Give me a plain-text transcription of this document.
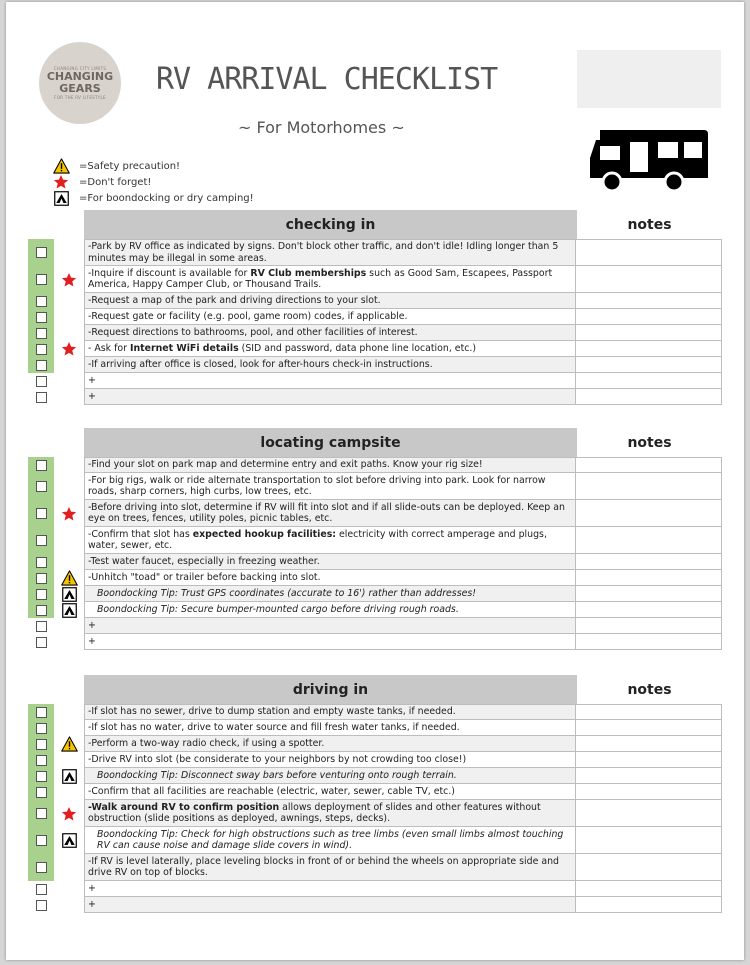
CHANGING CITY LIMITS
CHANGING
GEARS
FOR THE RV LIFESTYLE
RV ARRIVAL CHECKLIST
~ For Motorhomes ~
=Safety precaution!
=Don't forget!
=For boondocking or dry camping!
checking in	notes
-Park by RV office as indicated by signs. Don't block other traffic, and don't idle! Idling longer than 5 minutes may be illegal in some areas.
-Inquire if discount is available for RV Club memberships such as Good Sam, Escapees, Passport America, Happy Camper Club, or Thousand Trails.
-Request a map of the park and driving directions to your slot.
-Request gate or facility (e.g. pool, game room) codes, if applicable.
-Request directions to bathrooms, pool, and other facilities of interest.
- Ask for Internet WiFi details (SID and password, data phone line location, etc.)
-If arriving after office is closed, look for after-hours check-in instructions.
+
+
locating campsite	notes
-Find your slot on park map and determine entry and exit paths. Know your rig size!
-For big rigs, walk or ride alternate transportation to slot before driving into park. Look for narrow roads, sharp corners, high curbs, low trees, etc.
-Before driving into slot, determine if RV will fit into slot and if all slide-outs can be deployed. Keep an eye on trees, fences, utility poles, picnic tables, etc.
-Confirm that slot has expected hookup facilities: electricity with correct amperage and plugs, water, sewer, etc.
-Test water faucet, especially in freezing weather.
-Unhitch "toad" or trailer before backing into slot.
Boondocking Tip: Trust GPS coordinates (accurate to 16') rather than addresses!
Boondocking Tip: Secure bumper-mounted cargo before driving rough roads.
+
+
driving in	notes
-If slot has no sewer, drive to dump station and empty waste tanks, if needed.
-If slot has no water, drive to water source and fill fresh water tanks, if needed.
-Perform a two-way radio check, if using a spotter.
-Drive RV into slot (be considerate to your neighbors by not crowding too close!)
Boondocking Tip: Disconnect sway bars before venturing onto rough terrain.
-Confirm that all facilities are reachable (electric, water, sewer, cable TV, etc.)
-Walk around RV to confirm position allows deployment of slides and other features without obstruction (slide positions as deployed, awnings, steps, decks).
Boondocking Tip: Check for high obstructions such as tree limbs (even small limbs almost touching RV can cause noise and damage slide covers in wind).
-If RV is level laterally, place leveling blocks in front of or behind the wheels on appropriate side and drive RV on top of blocks.
+
+
